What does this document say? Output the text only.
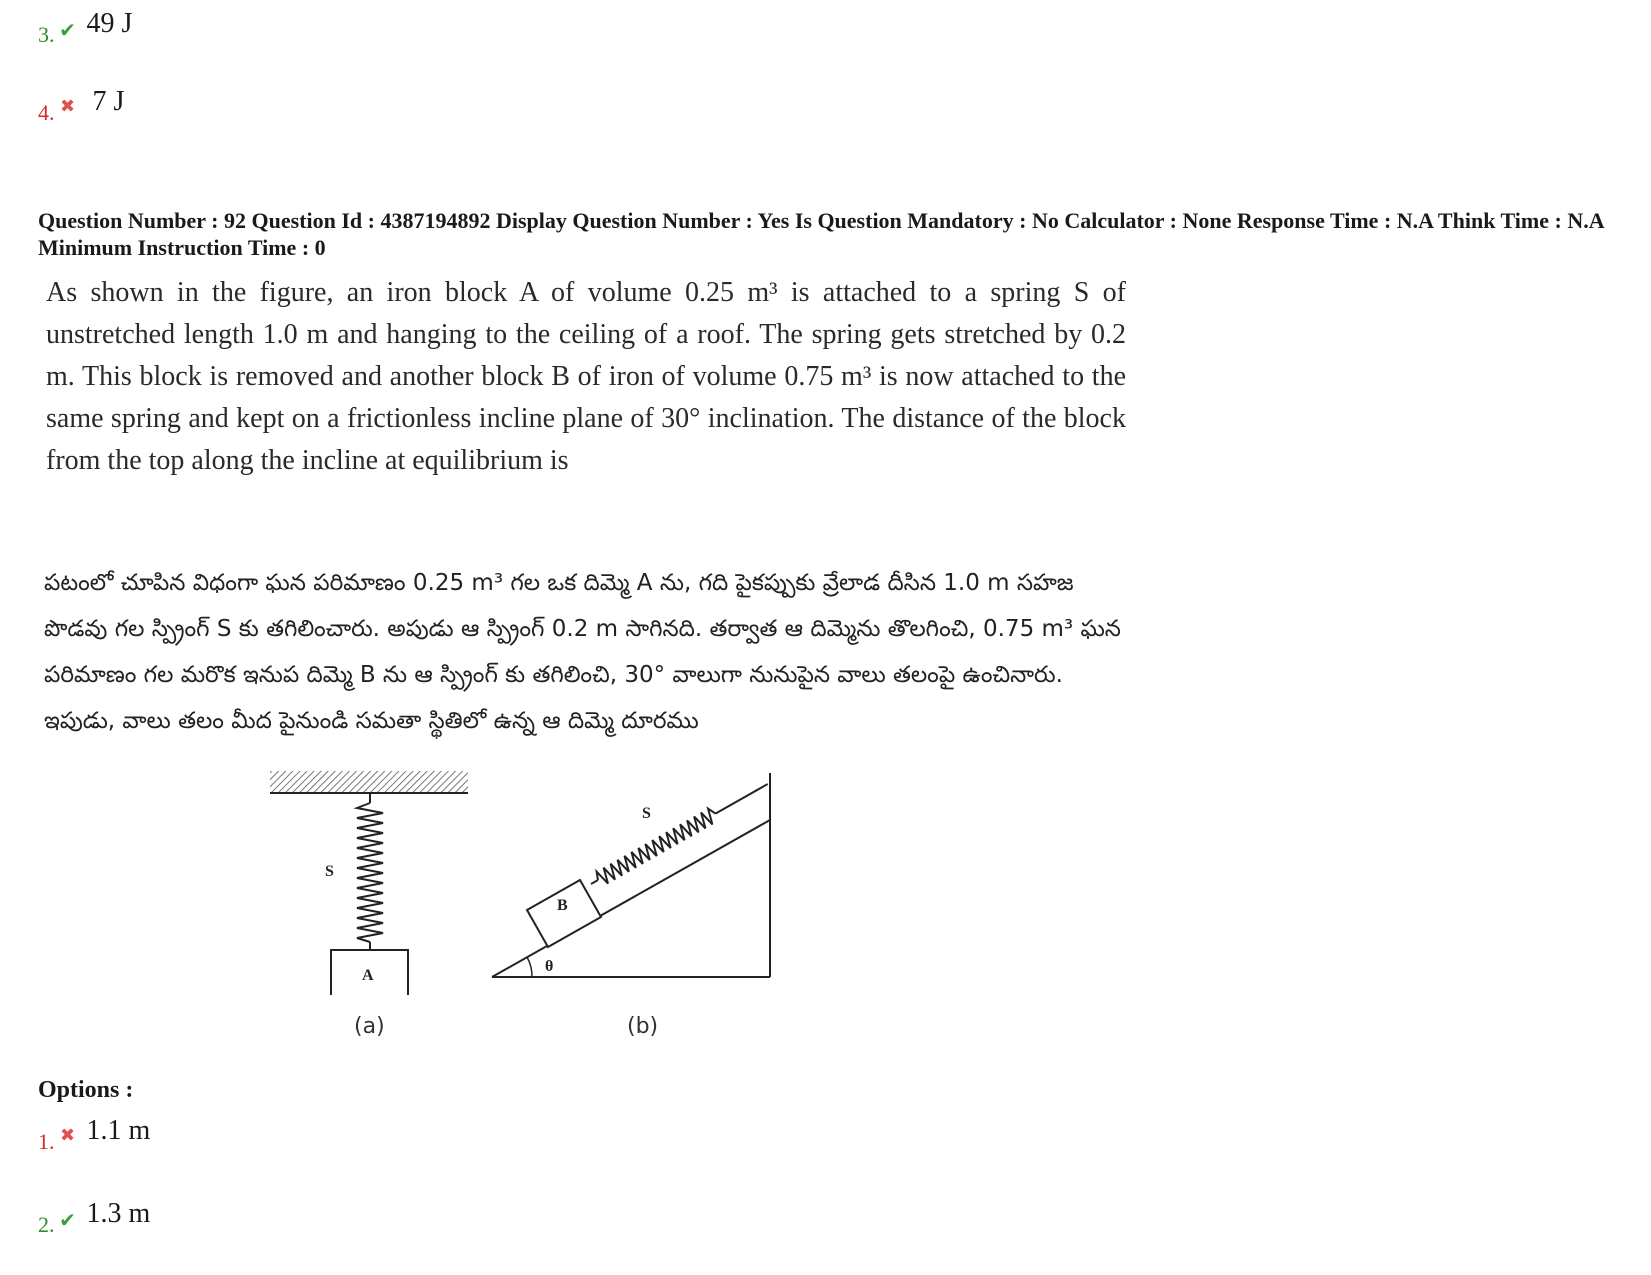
3. ✔ 49 J
4. ✖ 7 J
Question Number : 92 Question Id : 4387194892 Display Question Number : Yes Is Question Mandatory : No Calculator : None Response Time : N.A Think Time : N.A Minimum Instruction Time : 0
As shown in the figure, an iron block A of volume 0.25 m³ is attached to a spring S of unstretched length 1.0 m and hanging to the ceiling of a roof. The spring gets stretched by 0.2 m. This block is removed and another block B of iron of volume 0.75 m³ is now attached to the same spring and kept on a frictionless incline plane of 30° inclination. The distance of the block from the top along the incline at equilibrium is
పటంలో చూపిన విధంగా ఘన పరిమాణం 0.25 m³ గల ఒక దిమ్మె A ను, గది పైకప్పుకు వ్రేలాడ దీసిన 1.0 m సహజ పొడవు గల స్ప్రింగ్ S కు తగిలించారు. అపుడు ఆ స్ప్రింగ్ 0.2 m సాగినది. తర్వాత ఆ దిమ్మెను తొలగించి, 0.75 m³ ఘన పరిమాణం గల మరొక ఇనుప దిమ్మె B ను ఆ స్ప్రింగ్ కు తగిలించి, 30° వాలుగా నునుపైన వాలు తలంపై ఉంచినారు. ఇపుడు, వాలు తలం మీద పైనుండి సమతా స్థితిలో ఉన్న ఆ దిమ్మె దూరము
S
A
(a)
θ
B
S
(b)
Options :
1. ✖ 1.1 m
2. ✔ 1.3 m
